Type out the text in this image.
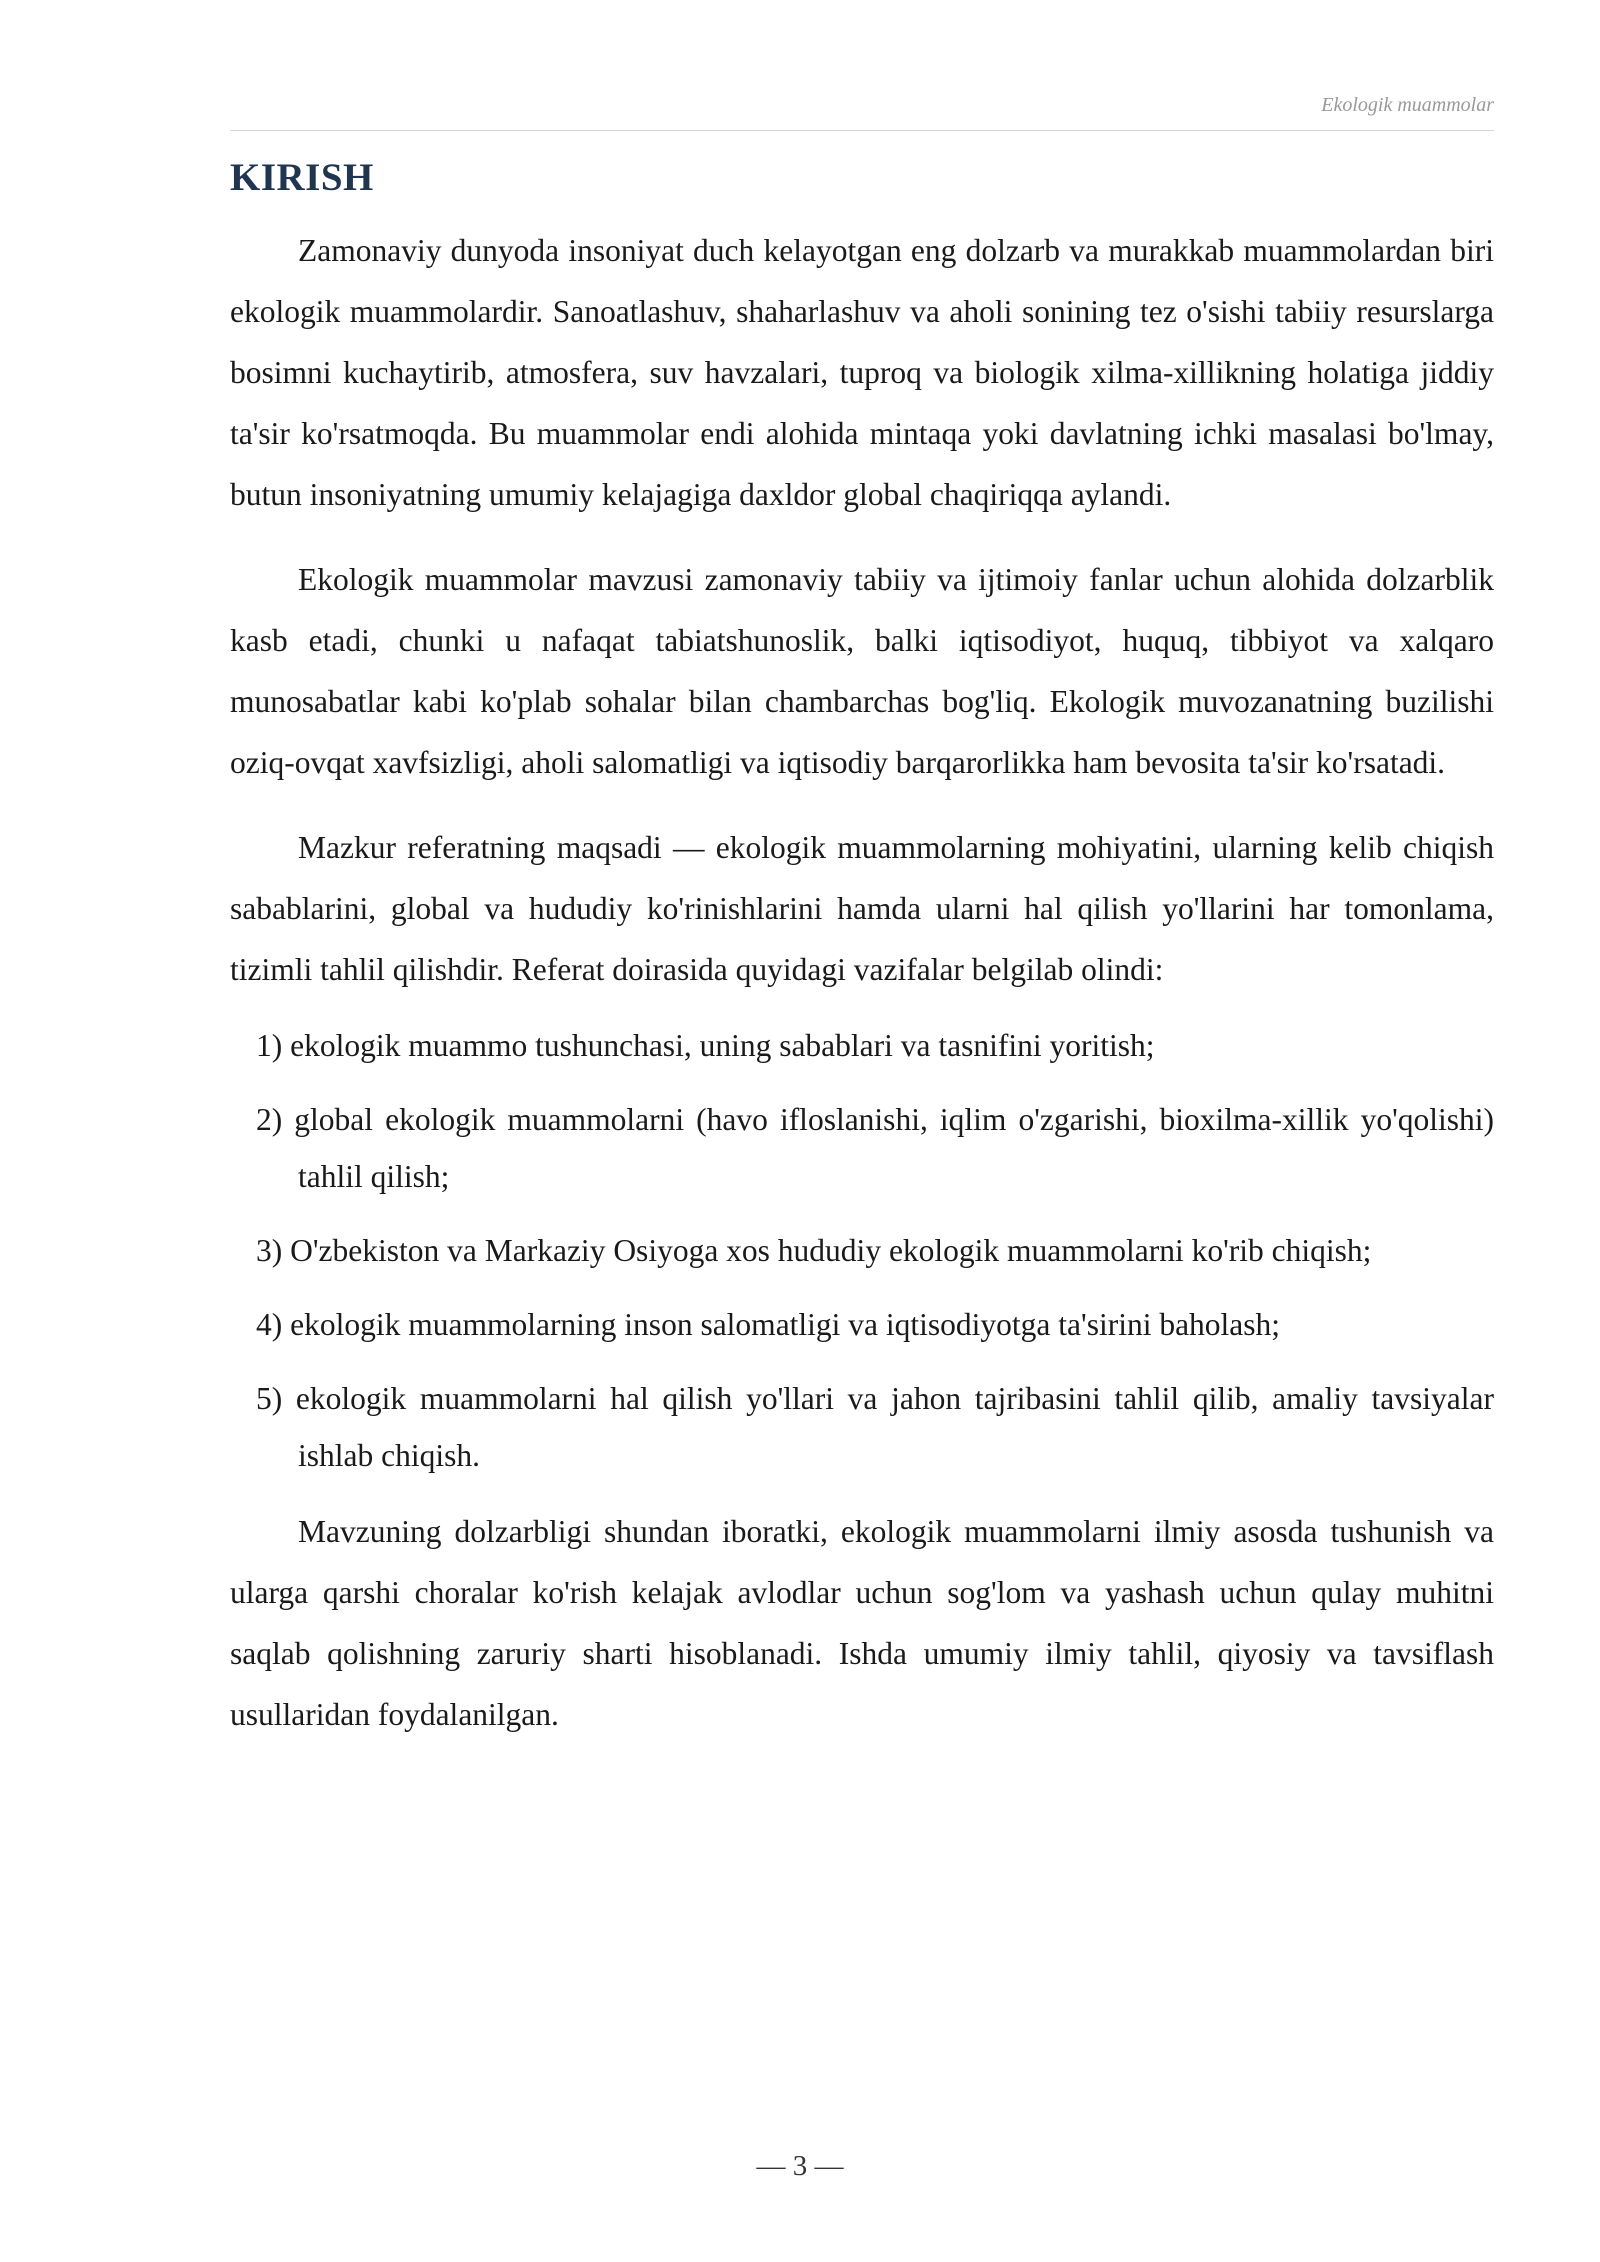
Ekologik muammolar
KIRISH

Zamonaviy dunyoda insoniyat duch kelayotgan eng dolzarb va murakkab muammolardan biri ekologik muammolardir. Sanoatlashuv, shaharlashuv va aholi sonining tez o'sishi tabiiy resurslarga bosimni kuchaytirib, atmosfera, suv havzalari, tuproq va biologik xilma-xillikning holatiga jiddiy ta'sir ko'rsatmoqda. Bu muammolar endi alohida mintaqa yoki davlatning ichki masalasi bo'lmay, butun insoniyatning umumiy kelajagiga daxldor global chaqiriqqa aylandi.

Ekologik muammolar mavzusi zamonaviy tabiiy va ijtimoiy fanlar uchun alohida dolzarblik kasb etadi, chunki u nafaqat tabiatshunoslik, balki iqtisodiyot, huquq, tibbiyot va xalqaro munosabatlar kabi ko'plab sohalar bilan chambarchas bog'liq. Ekologik muvozanatning buzilishi oziq-ovqat xavfsizligi, aholi salomatligi va iqtisodiy barqarorlikka ham bevosita ta'sir ko'rsatadi.

Mazkur referatning maqsadi — ekologik muammolarning mohiyatini, ularning kelib chiqish sabablarini, global va hududiy ko'rinishlarini hamda ularni hal qilish yo'llarini har tomonlama, tizimli tahlil qilishdir. Referat doirasida quyidagi vazifalar belgilab olindi:

1) ekologik muammo tushunchasi, uning sabablari va tasnifini yoritish;
2) global ekologik muammolarni (havo ifloslanishi, iqlim o'zgarishi, bioxilma-xillik yo'qolishi) tahlil qilish;
3) O'zbekiston va Markaziy Osiyoga xos hududiy ekologik muammolarni ko'rib chiqish;
4) ekologik muammolarning inson salomatligi va iqtisodiyotga ta'sirini baholash;
5) ekologik muammolarni hal qilish yo'llari va jahon tajribasini tahlil qilib, amaliy tavsiyalar ishlab chiqish.

Mavzuning dolzarbligi shundan iboratki, ekologik muammolarni ilmiy asosda tushunish va ularga qarshi choralar ko'rish kelajak avlodlar uchun sog'lom va yashash uchun qulay muhitni saqlab qolishning zaruriy sharti hisoblanadi. Ishda umumiy ilmiy tahlil, qiyosiy va tavsiflash usullaridan foydalanilgan.

— 3 —
